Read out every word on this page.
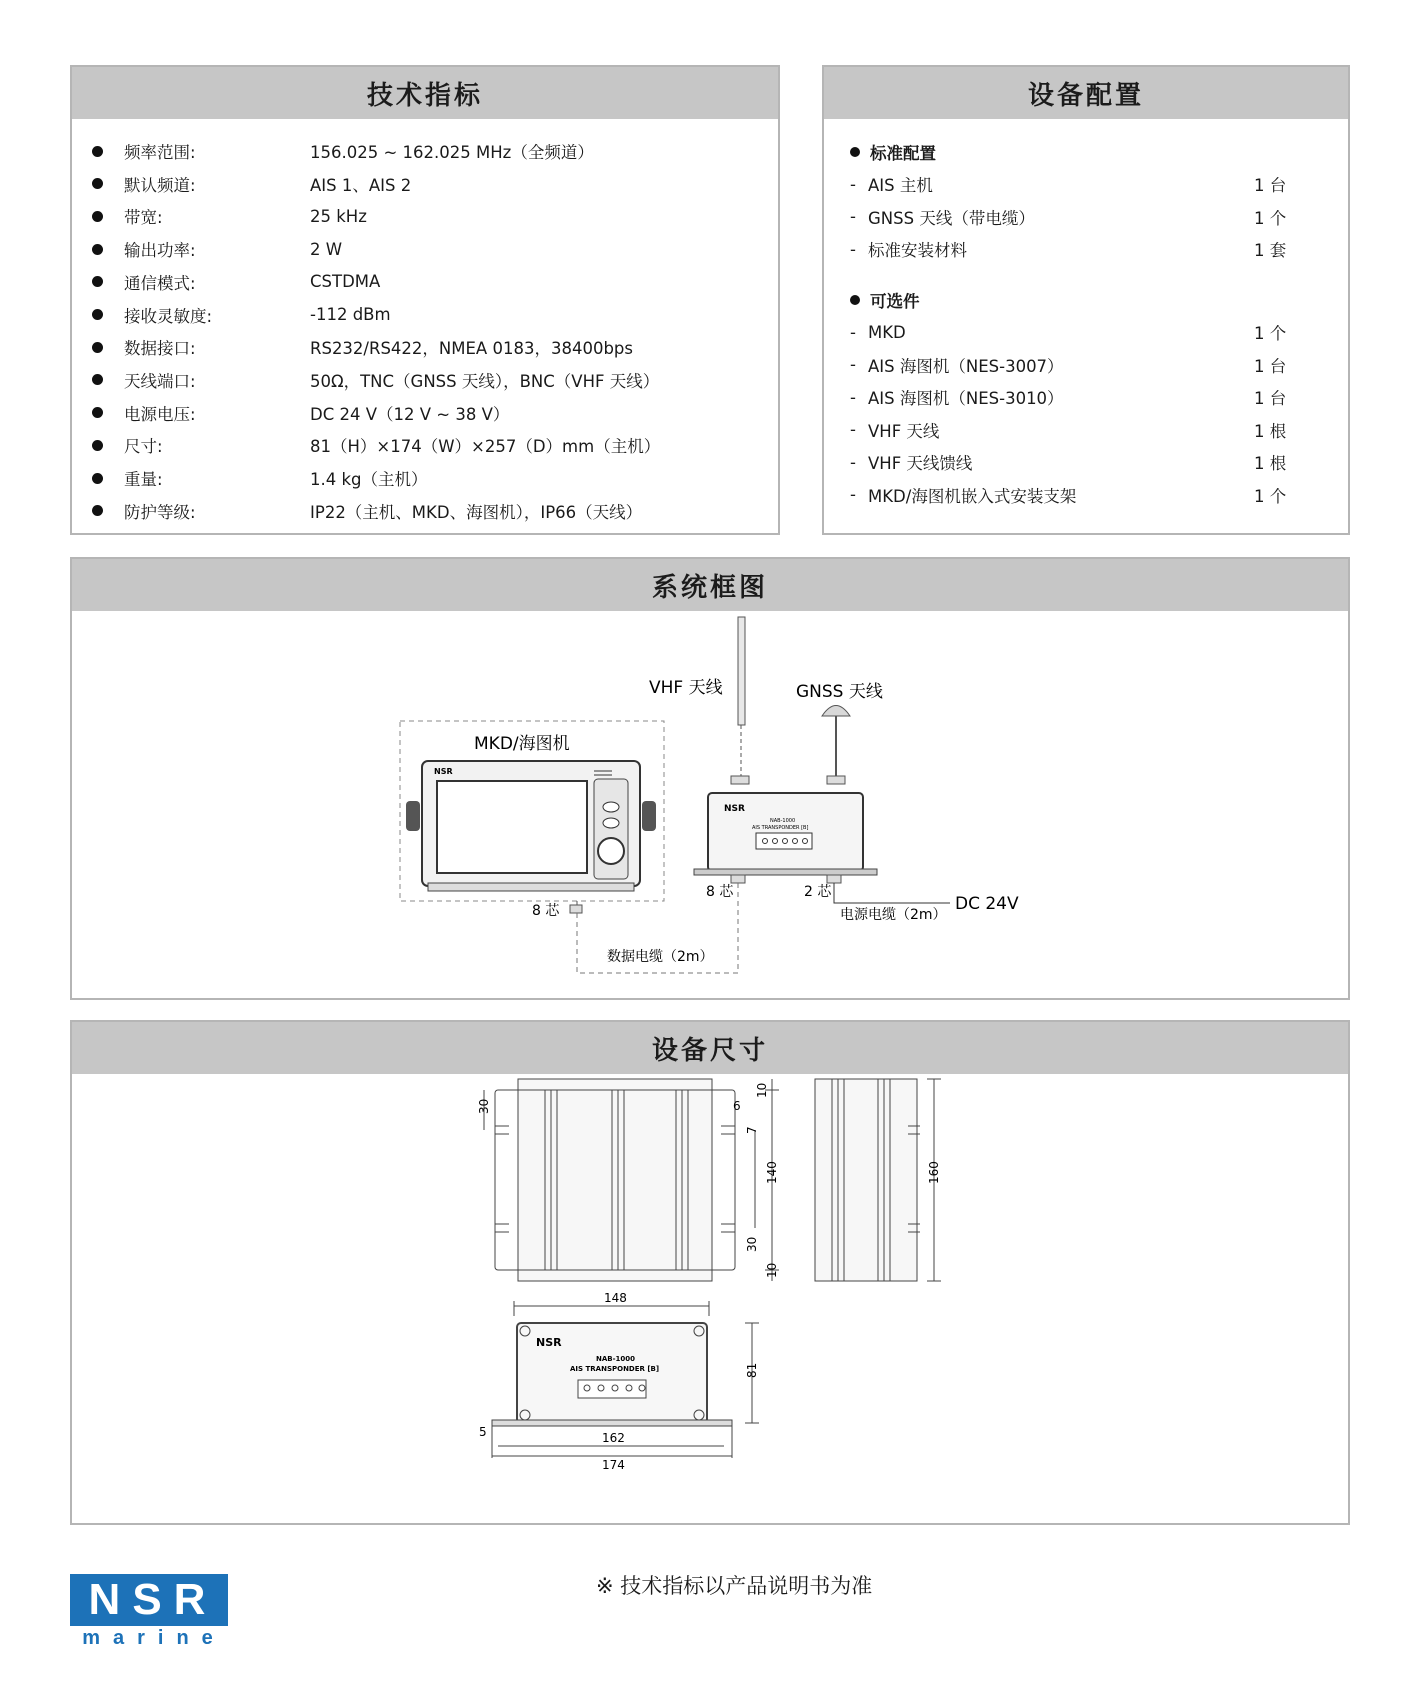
技术指标
频率范围:	156.025 ~ 162.025 MHz（全频道）
默认频道:	AIS 1、AIS 2
带宽:	25 kHz
输出功率:	2 W
通信模式:	CSTDMA
接收灵敏度:	-112 dBm
数据接口:	RS232/RS422，NMEA 0183，38400bps
天线端口:	50Ω，TNC（GNSS 天线），BNC（VHF 天线）
电源电压:	DC 24 V（12 V ~ 38 V）
尺寸:	81（H）×174（W）×257（D）mm（主机）
重量:	1.4 kg（主机）
防护等级:	IP22（主机、MKD、海图机），IP66（天线）
设备配置
标准配置
- AIS 主机	1 台
- GNSS 天线（带电缆）	1 个
- 标准安装材料	1 套
可选件
- MKD	1 个
- AIS 海图机（NES-3007）	1 台
- AIS 海图机（NES-3010）	1 台
- VHF 天线	1 根
- VHF 天线馈线	1 根
- MKD/海图机嵌入式安装支架	1 个
系统框图
VHF 天线	GNSS 天线
MKD/海图机
NSR
8 芯
NSR
NAB-1000
AIS TRANSPONDER [B]
8 芯	2 芯
电源电缆（2m）
DC 24V
数据电缆（2m）
设备尺寸
10
30	6
7
140
30
10
160
148
NSR
NAB-1000
AIS TRANSPONDER [B]	81
5	162
174
NSR
marine
※ 技术指标以产品说明书为准
